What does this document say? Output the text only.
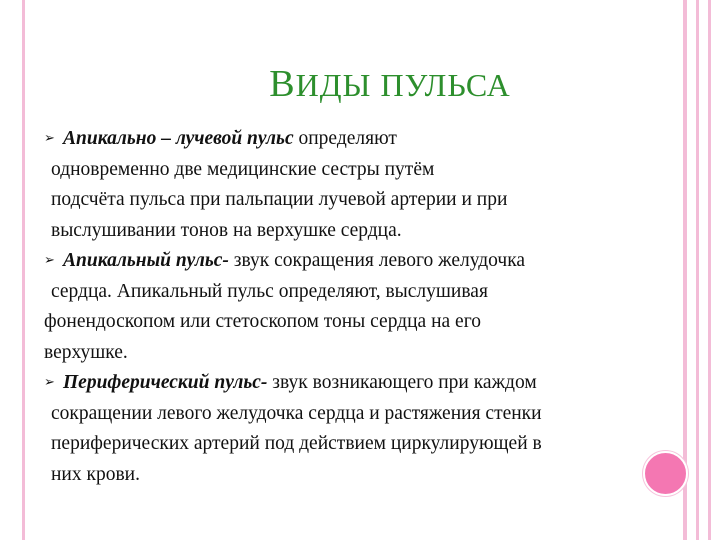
ВИДЫ ПУЛЬСА
➢ Апикально – лучевой пульс определяют
одновременно две медицинские сестры путём
подсчёта пульса при пальпации лучевой артерии и при
выслушивании тонов на верхушке сердца.
➢ Апикальный пульс- звук сокращения левого желудочка
сердца. Апикальный пульс определяют, выслушивая
фонендоскопом или стетоскопом тоны сердца на его
верхушке.
➢ Периферический пульс- звук возникающего при каждом
сокращении левого желудочка сердца и растяжения стенки
периферических артерий под действием циркулирующей в
них крови.
